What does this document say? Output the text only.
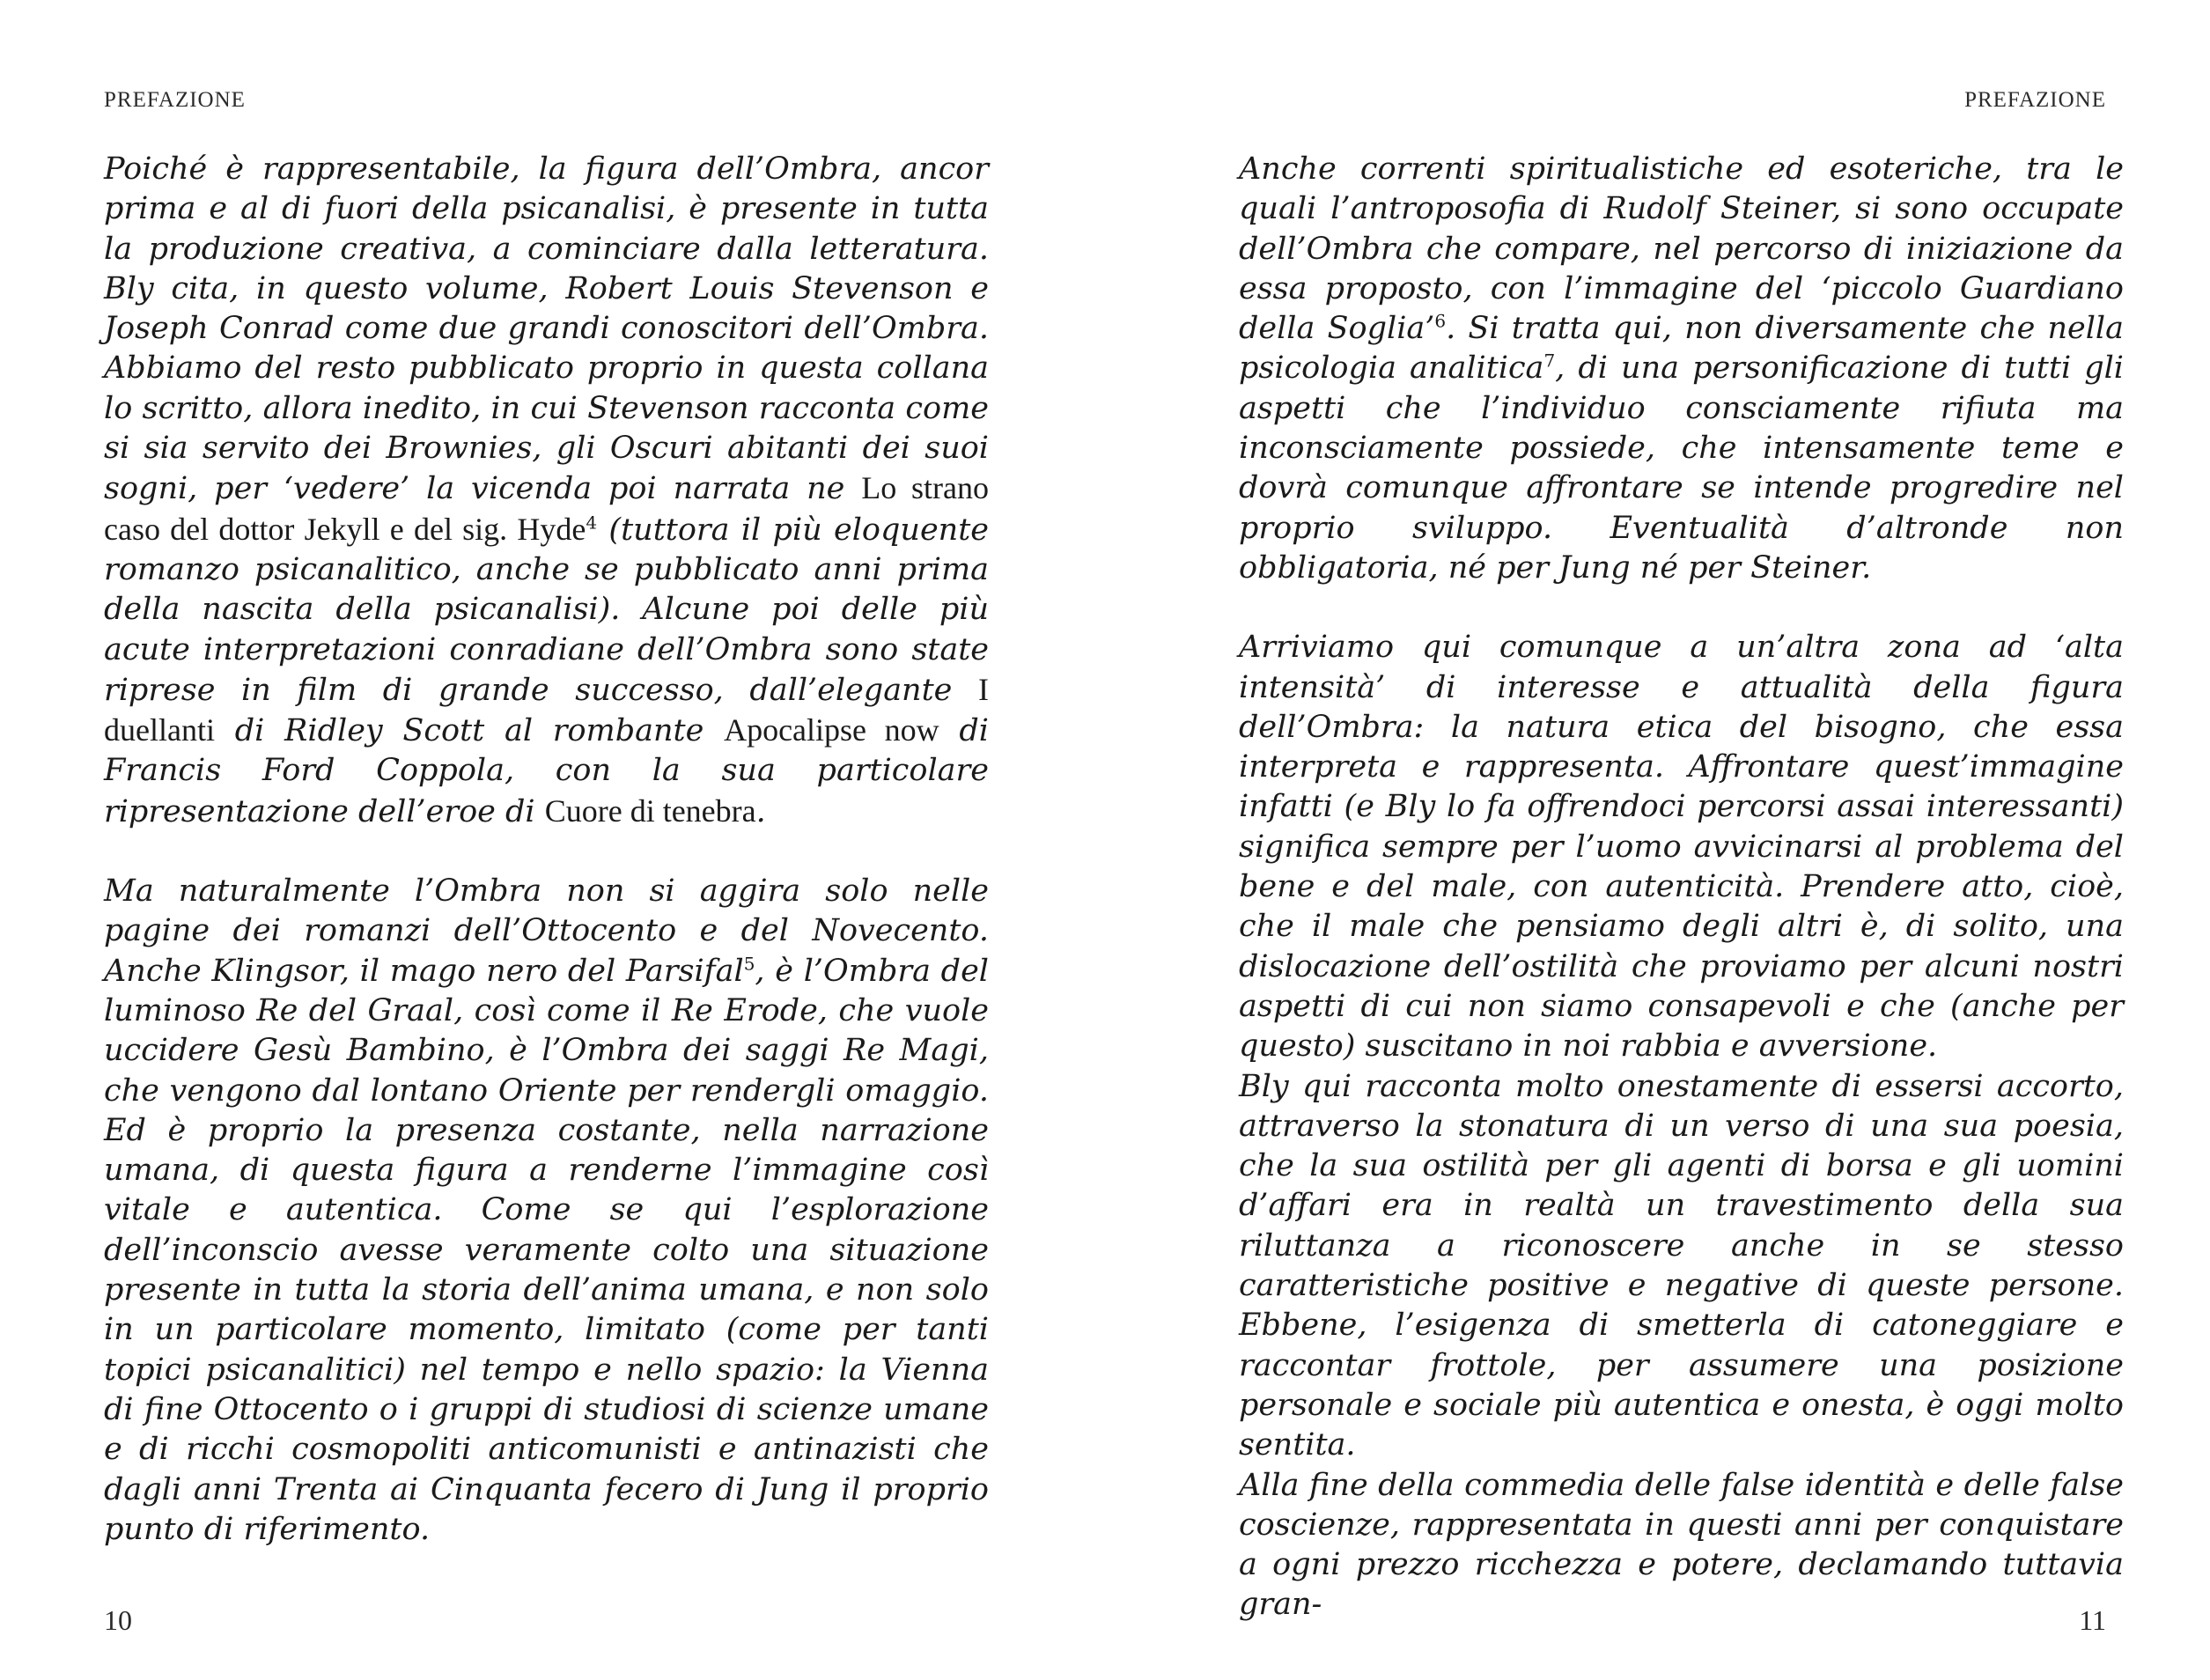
PREFAZIONE

Poiché è rappresentabile, la figura dell’Ombra, ancor prima e al di fuori della psicanalisi, è presente in tutta la produzione creativa, a cominciare dalla letteratura. Bly cita, in questo volume, Robert Louis Stevenson e Joseph Conrad come due grandi conoscitori dell’Ombra. Abbiamo del resto pubblicato proprio in questa collana lo scritto, allora inedito, in cui Stevenson racconta come si sia servito dei Brownies, gli Oscuri abitanti dei suoi sogni, per ‘vedere’ la vicenda poi narrata ne Lo strano caso del dottor Jekyll e del sig. Hyde$^4$ (tuttora il più eloquente romanzo psicanalitico, anche se pubblicato anni prima della nascita della psicanalisi). Alcune poi delle più acute interpretazioni conradiane dell’Ombra sono state riprese in film di grande successo, dall’elegante I duellanti di Ridley Scott al rombante Apocalipse now di Francis Ford Coppola, con la sua particolare ripresentazione dell’eroe di Cuore di tenebra.

Ma naturalmente l’Ombra non si aggira solo nelle pagine dei romanzi dell’Ottocento e del Novecento. Anche Klingsor, il mago nero del Parsifal$^5$, è l’Ombra del luminoso Re del Graal, così come il Re Erode, che vuole uccidere Gesù Bambino, è l’Ombra dei saggi Re Magi, che vengono dal lontano Oriente per rendergli omaggio. Ed è proprio la presenza costante, nella narrazione umana, di questa figura a renderne l’immagine così vitale e autentica. Come se qui l’esplorazione dell’inconscio avesse veramente colto una situazione presente in tutta la storia dell’anima umana, e non solo in un particolare momento, limitato (come per tanti topici psicanalitici) nel tempo e nello spazio: la Vienna di fine Ottocento o i gruppi di studiosi di scienze umane e di ricchi cosmopoliti anticomunisti e antinazisti che dagli anni Trenta ai Cinquanta fecero di Jung il proprio punto di riferimento.

10
PREFAZIONE

Anche correnti spiritualistiche ed esoteriche, tra le quali l’antroposofia di Rudolf Steiner, si sono occupate dell’Ombra che compare, nel percorso di iniziazione da essa proposto, con l’immagine del ‘piccolo Guardiano della Soglia’$^6$. Si tratta qui, non diversamente che nella psicologia analitica$^7$, di una personificazione di tutti gli aspetti che l’individuo consciamente rifiuta ma inconsciamente possiede, che intensamente teme e dovrà comunque affrontare se intende progredire nel proprio sviluppo. Eventualità d’altronde non obbligatoria, né per Jung né per Steiner.

Arriviamo qui comunque a un’altra zona ad ‘alta intensità’ di interesse e attualità della figura dell’Ombra: la natura etica del bisogno, che essa interpreta e rappresenta. Affrontare quest’immagine infatti (e Bly lo fa offrendoci percorsi assai interessanti) significa sempre per l’uomo avvicinarsi al problema del bene e del male, con autenticità. Prendere atto, cioè, che il male che pensiamo degli altri è, di solito, una dislocazione dell’ostilità che proviamo per alcuni nostri aspetti di cui non siamo consapevoli e che (anche per questo) suscitano in noi rabbia e avversione.

Bly qui racconta molto onestamente di essersi accorto, attraverso la stonatura di un verso di una sua poesia, che la sua ostilità per gli agenti di borsa e gli uomini d’affari era in realtà un travestimento della sua riluttanza a riconoscere anche in se stesso caratteristiche positive e negative di queste persone. Ebbene, l’esigenza di smetterla di catoneggiare e raccontar frottole, per assumere una posizione personale e sociale più autentica e onesta, è oggi molto sentita.

Alla fine della commedia delle false identità e delle false coscienze, rappresentata in questi anni per conquistare a ogni prezzo ricchezza e potere, declamando tuttavia gran-	11
